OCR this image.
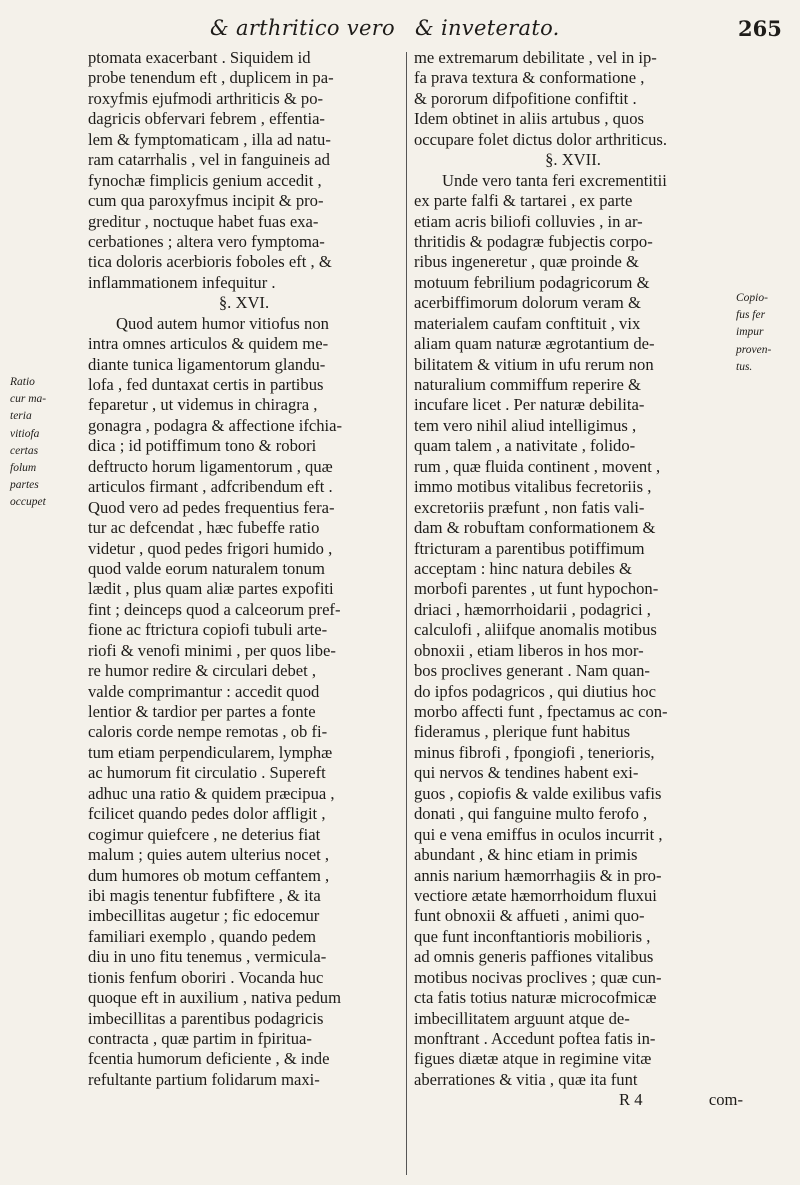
& arthritico vero & inveterato.	265
Ratio
cur ma-
teria
vitiofa
certas
folum
partes
occupet
Copio-
fus fer
impur
proven-
tus.
ptomata exacerbant . Siquidem id
probe tenendum eft , duplicem in pa-
roxyfmis ejufmodi arthriticis & po-
dagricis obfervari febrem , effentia-
lem & fymptomaticam , illa ad natu-
ram catarrhalis , vel in fanguineis ad
fynochæ fimplicis genium accedit ,
cum qua paroxyfmus incipit & pro-
greditur , noctuque habet fuas exa-
cerbationes ; altera vero fymptoma-
tica doloris acerbioris foboles eft , &
inflammationem infequitur .
§. XVI.
Quod autem humor vitiofus non
intra omnes articulos & quidem me-
diante tunica ligamentorum glandu-
lofa , fed duntaxat certis in partibus
feparetur , ut videmus in chiragra ,
gonagra , podagra & affectione ifchia-
dica ; id potiffimum tono & robori
deftructo horum ligamentorum , quæ
articulos firmant , adfcribendum eft .
Quod vero ad pedes frequentius fera-
tur ac defcendat , hæc fubeffe ratio
videtur , quod pedes frigori humido ,
quod valde eorum naturalem tonum
lædit , plus quam aliæ partes expofiti
fint ; deinceps quod a calceorum pref-
fione ac ftrictura copiofi tubuli arte-
riofi & venofi minimi , per quos libe-
re humor redire & circulari debet ,
valde comprimantur : accedit quod
lentior & tardior per partes a fonte
caloris corde nempe remotas , ob fi-
tum etiam perpendicularem, lymphæ
ac humorum fit circulatio . Supereft
adhuc una ratio & quidem præcipua ,
fcilicet quando pedes dolor affligit ,
cogimur quiefcere , ne deterius fiat
malum ; quies autem ulterius nocet ,
dum humores ob motum ceffantem ,
ibi magis tenentur fubfiftere , & ita
imbecillitas augetur ; fic edocemur
familiari exemplo , quando pedem
diu in uno fitu tenemus , vermicula-
tionis fenfum oboriri . Vocanda huc
quoque eft in auxilium , nativa pedum
imbecillitas a parentibus podagricis
contracta , quæ partim in fpiritua-
fcentia humorum deficiente , & inde
refultante partium folidarum maxi-
me extremarum debilitate , vel in ip-
fa prava textura & conformatione ,
& pororum difpofitione confiftit .
Idem obtinet in aliis artubus , quos
occupare folet dictus dolor arthriticus.
§. XVII.
Unde vero tanta feri excrementitii
ex parte falfi & tartarei , ex parte
etiam acris biliofi colluvies , in ar-
thritidis & podagræ fubjectis corpo-
ribus ingeneretur , quæ proinde &
motuum febrilium podagricorum &
acerbiffimorum dolorum veram &
materialem caufam conftituit , vix
aliam quam naturæ ægrotantium de-
bilitatem & vitium in ufu rerum non
naturalium commiffum reperire &
incufare licet . Per naturæ debilita-
tem vero nihil aliud intelligimus ,
quam talem , a nativitate , folido-
rum , quæ fluida continent , movent ,
immo motibus vitalibus fecretoriis ,
excretoriis præfunt , non fatis vali-
dam & robuftam conformationem &
ftricturam a parentibus potiffimum
acceptam : hinc natura debiles &
morbofi parentes , ut funt hypochon-
driaci , hæmorrhoidarii , podagrici ,
calculofi , aliifque anomalis motibus
obnoxii , etiam liberos in hos mor-
bos proclives generant . Nam quan-
do ipfos podagricos , qui diutius hoc
morbo affecti funt , fpectamus ac con-
fideramus , plerique funt habitus
minus fibrofi , fpongiofi , tenerioris,
qui nervos & tendines habent exi-
guos , copiofis & valde exilibus vafis
donati , qui fanguine multo ferofo ,
qui e vena emiffus in oculos incurrit ,
abundant , & hinc etiam in primis
annis narium hæmorrhagiis & in pro-
vectiore ætate hæmorrhoidum fluxui
funt obnoxii & affueti , animi quo-
que funt inconftantioris mobilioris ,
ad omnis generis paffiones vitalibus
motibus nocivas proclives ; quæ cun-
cta fatis totius naturæ microcofmicæ
imbecillitatem arguunt atque de-
monftrant . Accedunt poftea fatis in-
figues diætæ atque in regimine vitæ
aberrationes & vitia , quæ ita funt
R 4                com-
